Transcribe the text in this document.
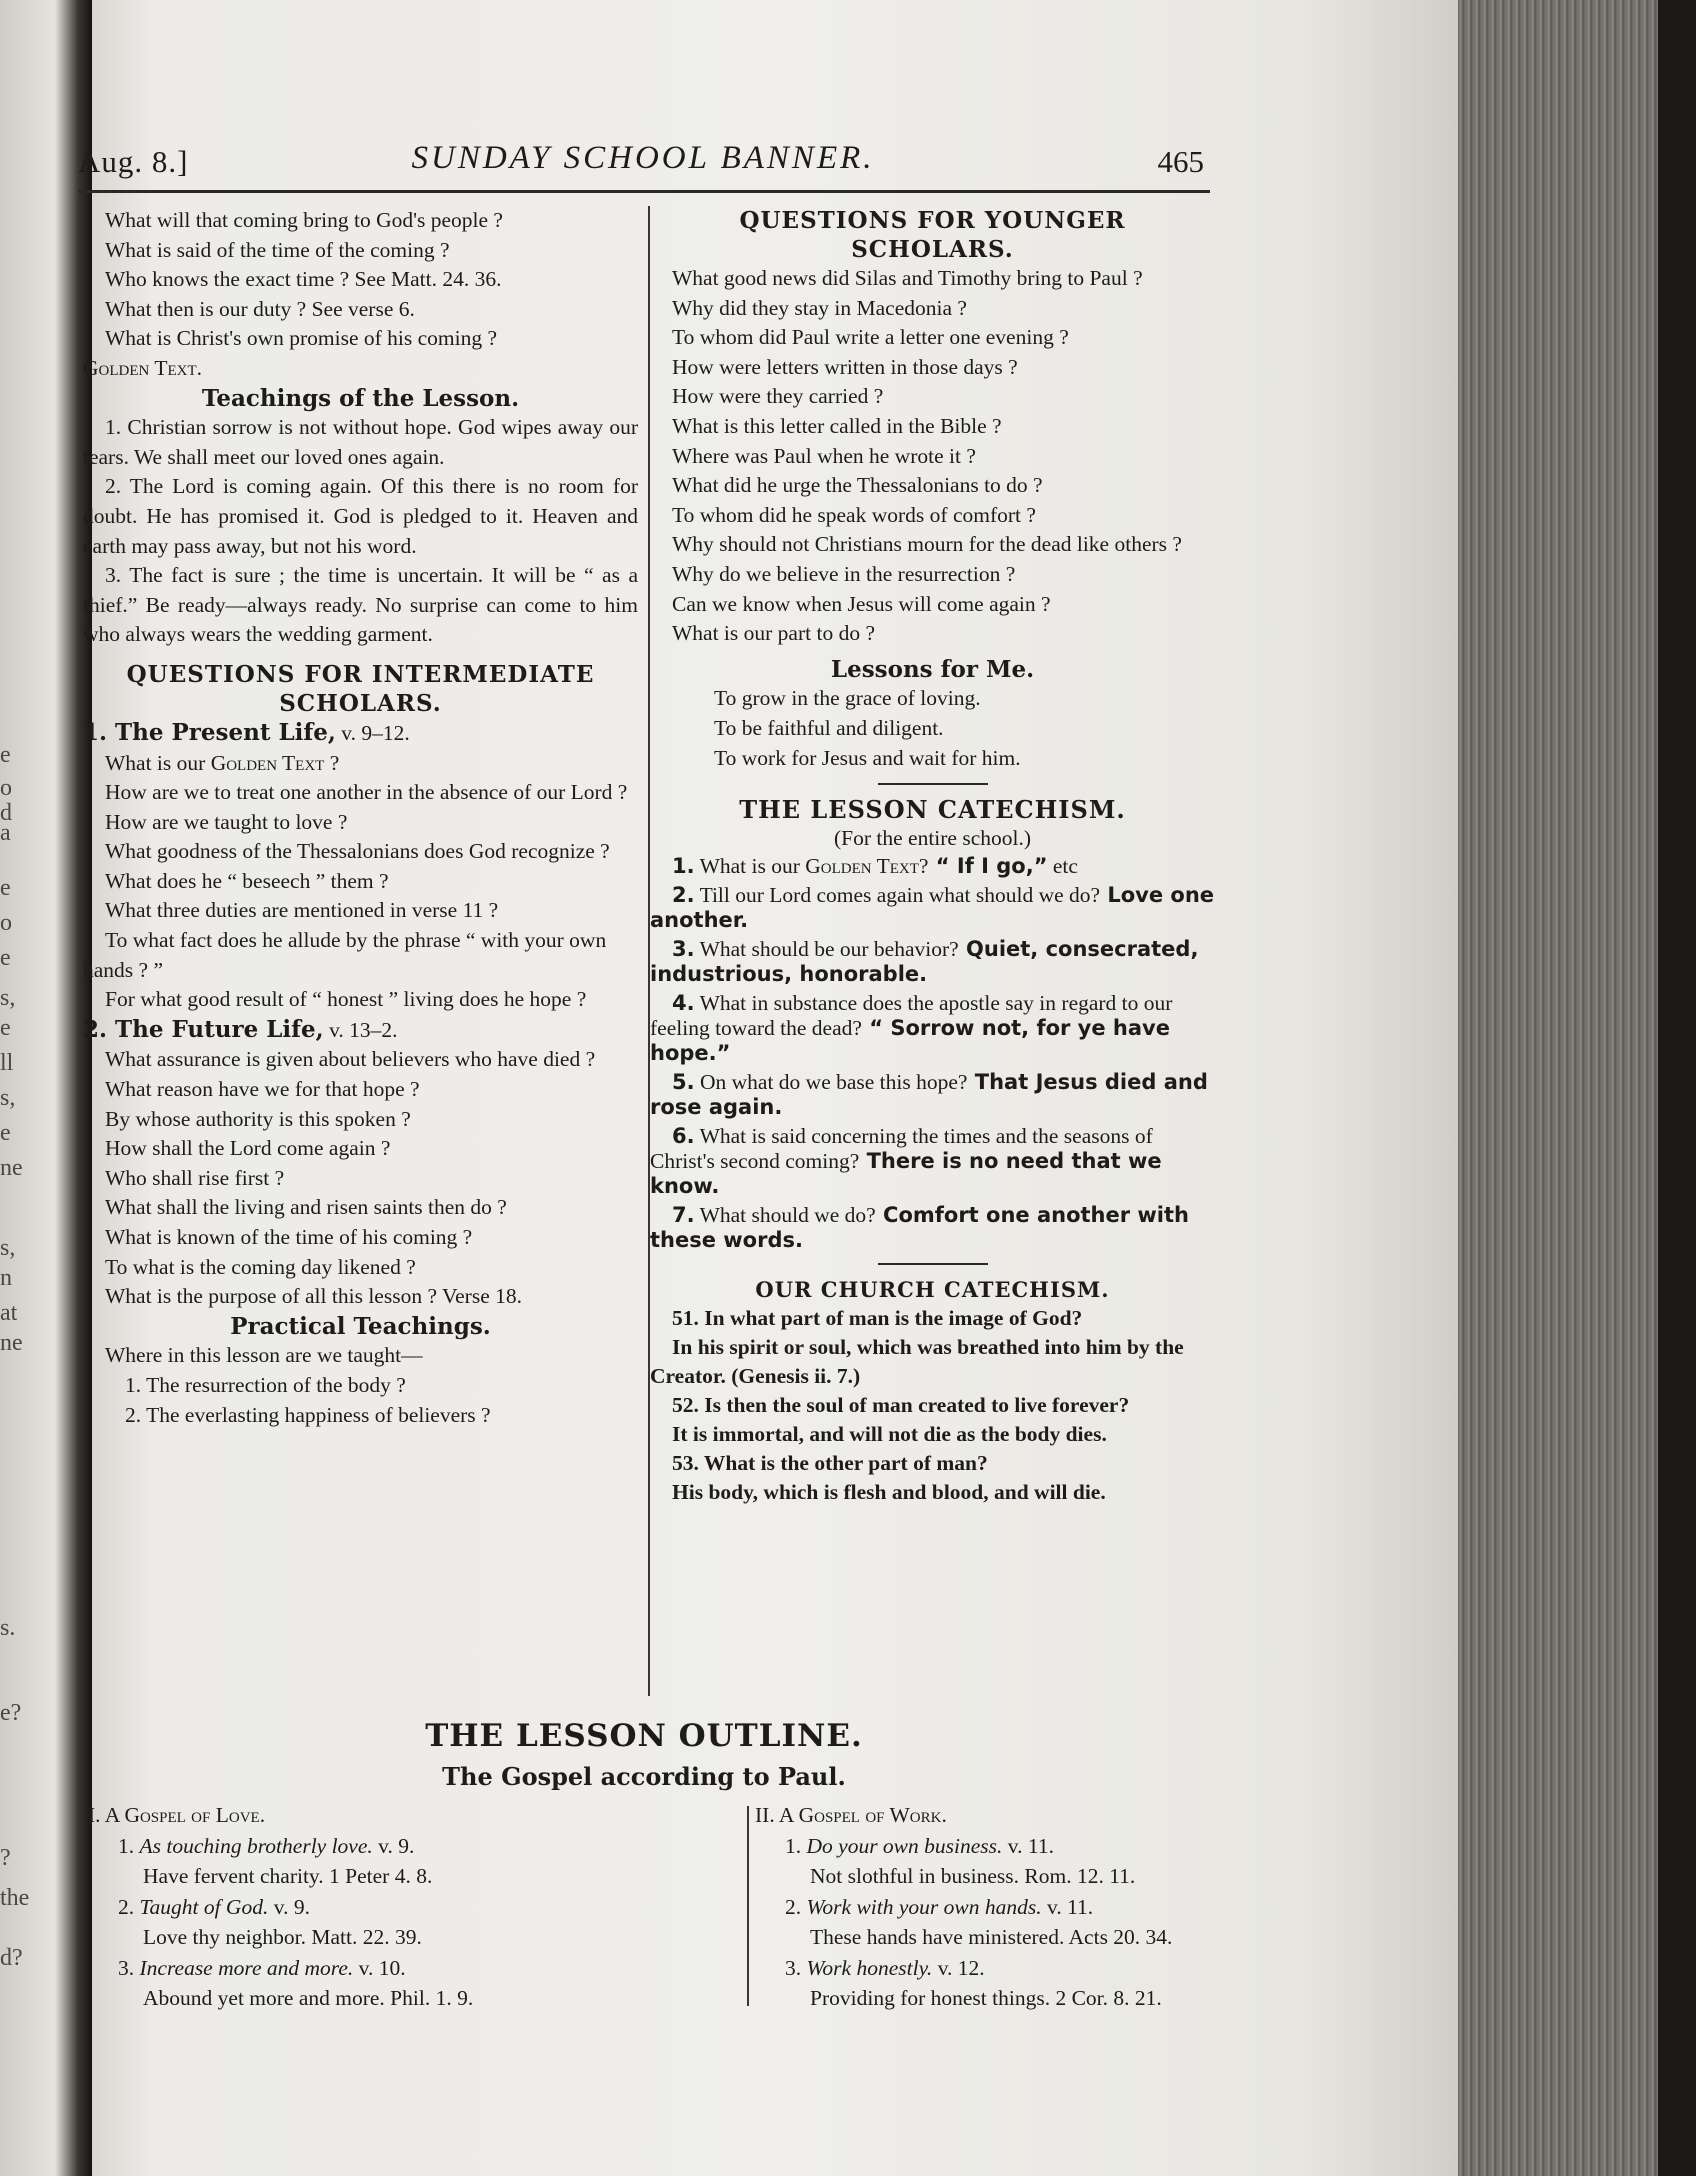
e
o
d
a
e
o
e
s,
e
ll
s,
e
ne
s,
n
at
ne
s.
e?
?
the
d?
Aug. 8.]	SUNDAY SCHOOL BANNER.	465

What will that coming bring to God's people ?

What is said of the time of the coming ?

Who knows the exact time ? See Matt. 24. 36.

What then is our duty ? See verse 6.

What is Christ's own promise of his coming ?

Golden Text.

Teachings of the Lesson.

1. Christian sorrow is not without hope. God wipes away our tears. We shall meet our loved ones again.

2. The Lord is coming again. Of this there is no room for doubt. He has promised it. God is pledged to it. Heaven and earth may pass away, but not his word.

3. The fact is sure ; the time is uncertain. It will be “ as a thief.” Be ready—always ready. No surprise can come to him who always wears the wedding garment.

QUESTIONS FOR INTERMEDIATE
SCHOLARS.

1. The Present Life, v. 9–12.

What is our Golden Text ?

How are we to treat one another in the absence of our Lord ?

How are we taught to love ?

What goodness of the Thessalonians does God recognize ?

What does he “ beseech ” them ?

What three duties are mentioned in verse 11 ?

To what fact does he allude by the phrase “ with your own hands ? ”

For what good result of “ honest ” living does he hope ?

2. The Future Life, v. 13–2.

What assurance is given about believers who have died ?

What reason have we for that hope ?

By whose authority is this spoken ?

How shall the Lord come again ?

Who shall rise first ?

What shall the living and risen saints then do ?

What is known of the time of his coming ?

To what is the coming day likened ?

What is the purpose of all this lesson ? Verse 18.

Practical Teachings.

Where in this lesson are we taught—

1. The resurrection of the body ?

2. The everlasting happiness of believers ?

QUESTIONS FOR YOUNGER
SCHOLARS.

What good news did Silas and Timothy bring to Paul ?

Why did they stay in Macedonia ?

To whom did Paul write a letter one evening ?

How were letters written in those days ?

How were they carried ?

What is this letter called in the Bible ?

Where was Paul when he wrote it ?

What did he urge the Thessalonians to do ?

To whom did he speak words of comfort ?

Why should not Christians mourn for the dead like others ?

Why do we believe in the resurrection ?

Can we know when Jesus will come again ?

What is our part to do ?

Lessons for Me.

To grow in the grace of loving.

To be faithful and diligent.

To work for Jesus and wait for him.

THE LESSON CATECHISM.

(For the entire school.)

1. What is our Golden Text? “ If I go,” etc

2. Till our Lord comes again what should we do? Love one another.

3. What should be our behavior? Quiet, consecrated, industrious, honorable.

4. What in substance does the apostle say in regard to our feeling toward the dead? “ Sorrow not, for ye have hope.”

5. On what do we base this hope? That Jesus died and rose again.

6. What is said concerning the times and the seasons of Christ's second coming? There is no need that we know.

7. What should we do? Comfort one another with these words.

OUR CHURCH CATECHISM.

51. In what part of man is the image of God?

In his spirit or soul, which was breathed into him by the Creator. (Genesis ii. 7.)

52. Is then the soul of man created to live forever?

It is immortal, and will not die as the body dies.

53. What is the other part of man?

His body, which is flesh and blood, and will die.

THE LESSON OUTLINE.
The Gospel according to Paul.

I. A Gospel of Love.

1. As touching brotherly love. v. 9.

Have fervent charity. 1 Peter 4. 8.

2. Taught of God. v. 9.

Love thy neighbor. Matt. 22. 39.

3. Increase more and more. v. 10.

Abound yet more and more. Phil. 1. 9.

II. A Gospel of Work.

1. Do your own business. v. 11.

Not slothful in business. Rom. 12. 11.

2. Work with your own hands. v. 11.

These hands have ministered. Acts 20. 34.

3. Work honestly. v. 12.

Providing for honest things. 2 Cor. 8. 21.
